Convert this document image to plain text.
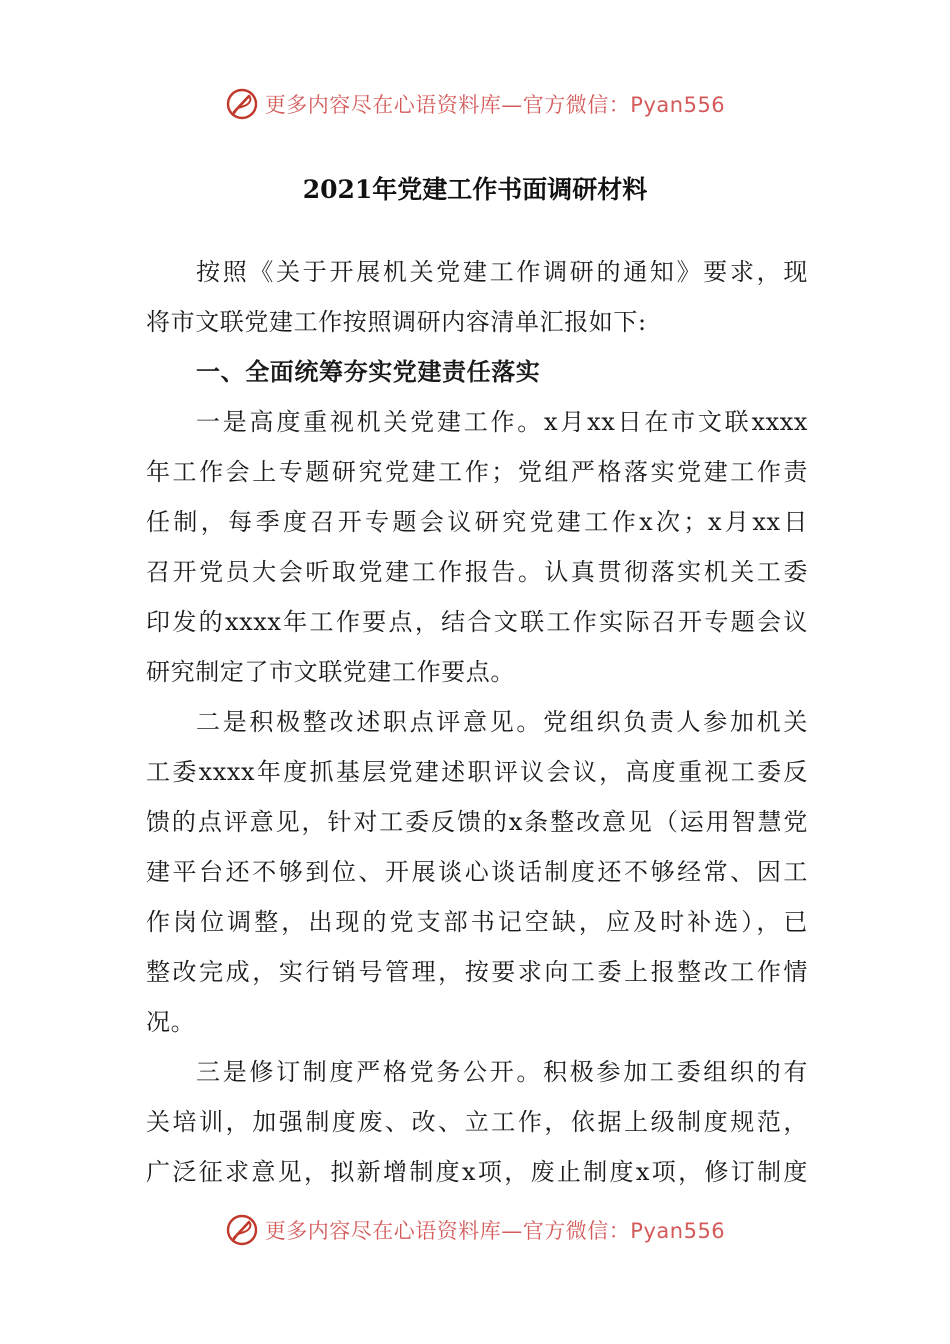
更多内容尽在心语资料库—官方微信：Pyan556
2021年党建工作书面调研材料
按照《关于开展机关党建工作调研的通知》要求，现
将市文联党建工作按照调研内容清单汇报如下:
一、全面统筹夯实党建责任落实
一是高度重视机关党建工作。x月xx日在市文联xxxx
年工作会上专题研究党建工作；党组严格落实党建工作责
任制，每季度召开专题会议研究党建工作x次；x月xx日
召开党员大会听取党建工作报告。认真贯彻落实机关工委
印发的xxxx年工作要点，结合文联工作实际召开专题会议
研究制定了市文联党建工作要点。
二是积极整改述职点评意见。党组织负责人参加机关
工委xxxx年度抓基层党建述职评议会议，高度重视工委反
馈的点评意见，针对工委反馈的x条整改意见（运用智慧党
建平台还不够到位、开展谈心谈话制度还不够经常、因工
作岗位调整，出现的党支部书记空缺，应及时补选），已
整改完成，实行销号管理，按要求向工委上报整改工作情
况。
三是修订制度严格党务公开。积极参加工委组织的有
关培训，加强制度废、改、立工作，依据上级制度规范，
广泛征求意见，拟新增制度x项，废止制度x项，修订制度
更多内容尽在心语资料库—官方微信：Pyan556
